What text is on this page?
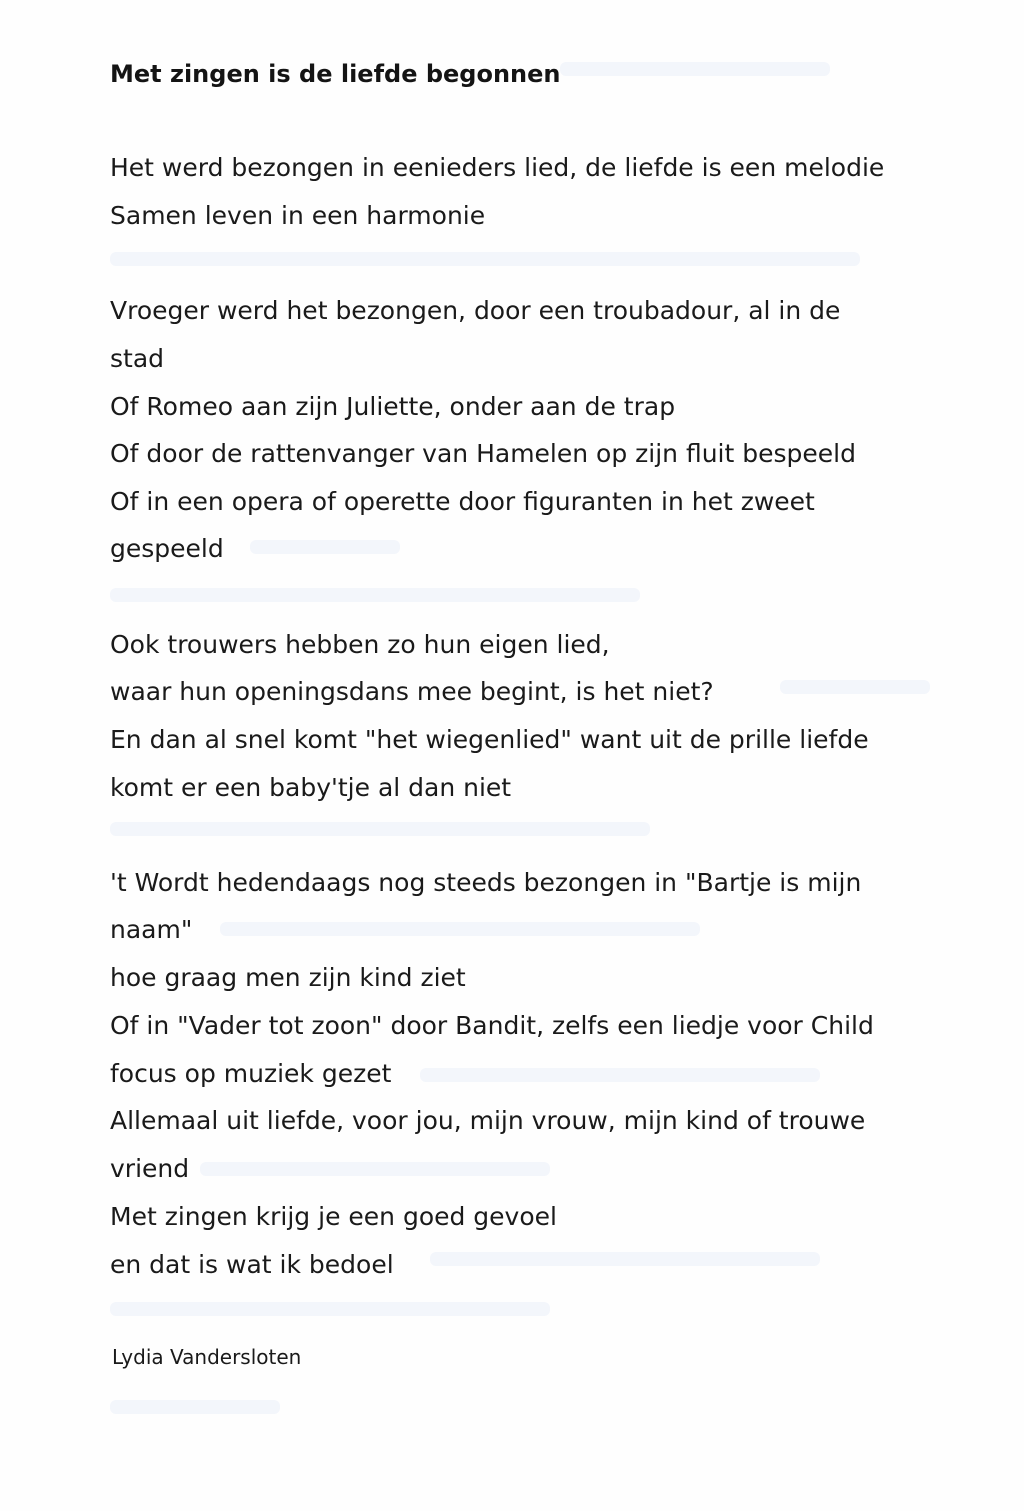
Met zingen is de liefde begonnen
Het werd bezongen in eenieders lied, de liefde is een melodie
Samen leven in een harmonie
Vroeger werd het bezongen, door een troubadour, al in de
stad
Of Romeo aan zijn Juliette, onder aan de trap
Of door de rattenvanger van Hamelen op zijn fluit bespeeld
Of in een opera of operette door figuranten in het zweet
gespeeld
Ook trouwers hebben zo hun eigen lied,
waar hun openingsdans mee begint, is het niet?
En dan al snel komt "het wiegenlied" want uit de prille liefde
komt er een baby'tje al dan niet
't Wordt hedendaags nog steeds bezongen in "Bartje is mijn
naam"
hoe graag men zijn kind ziet
Of in "Vader tot zoon" door Bandit, zelfs een liedje voor Child
focus op muziek gezet
Allemaal uit liefde, voor jou, mijn vrouw, mijn kind of trouwe
vriend
Met zingen krijg je een goed gevoel
en dat is wat ik bedoel
Lydia Vandersloten
